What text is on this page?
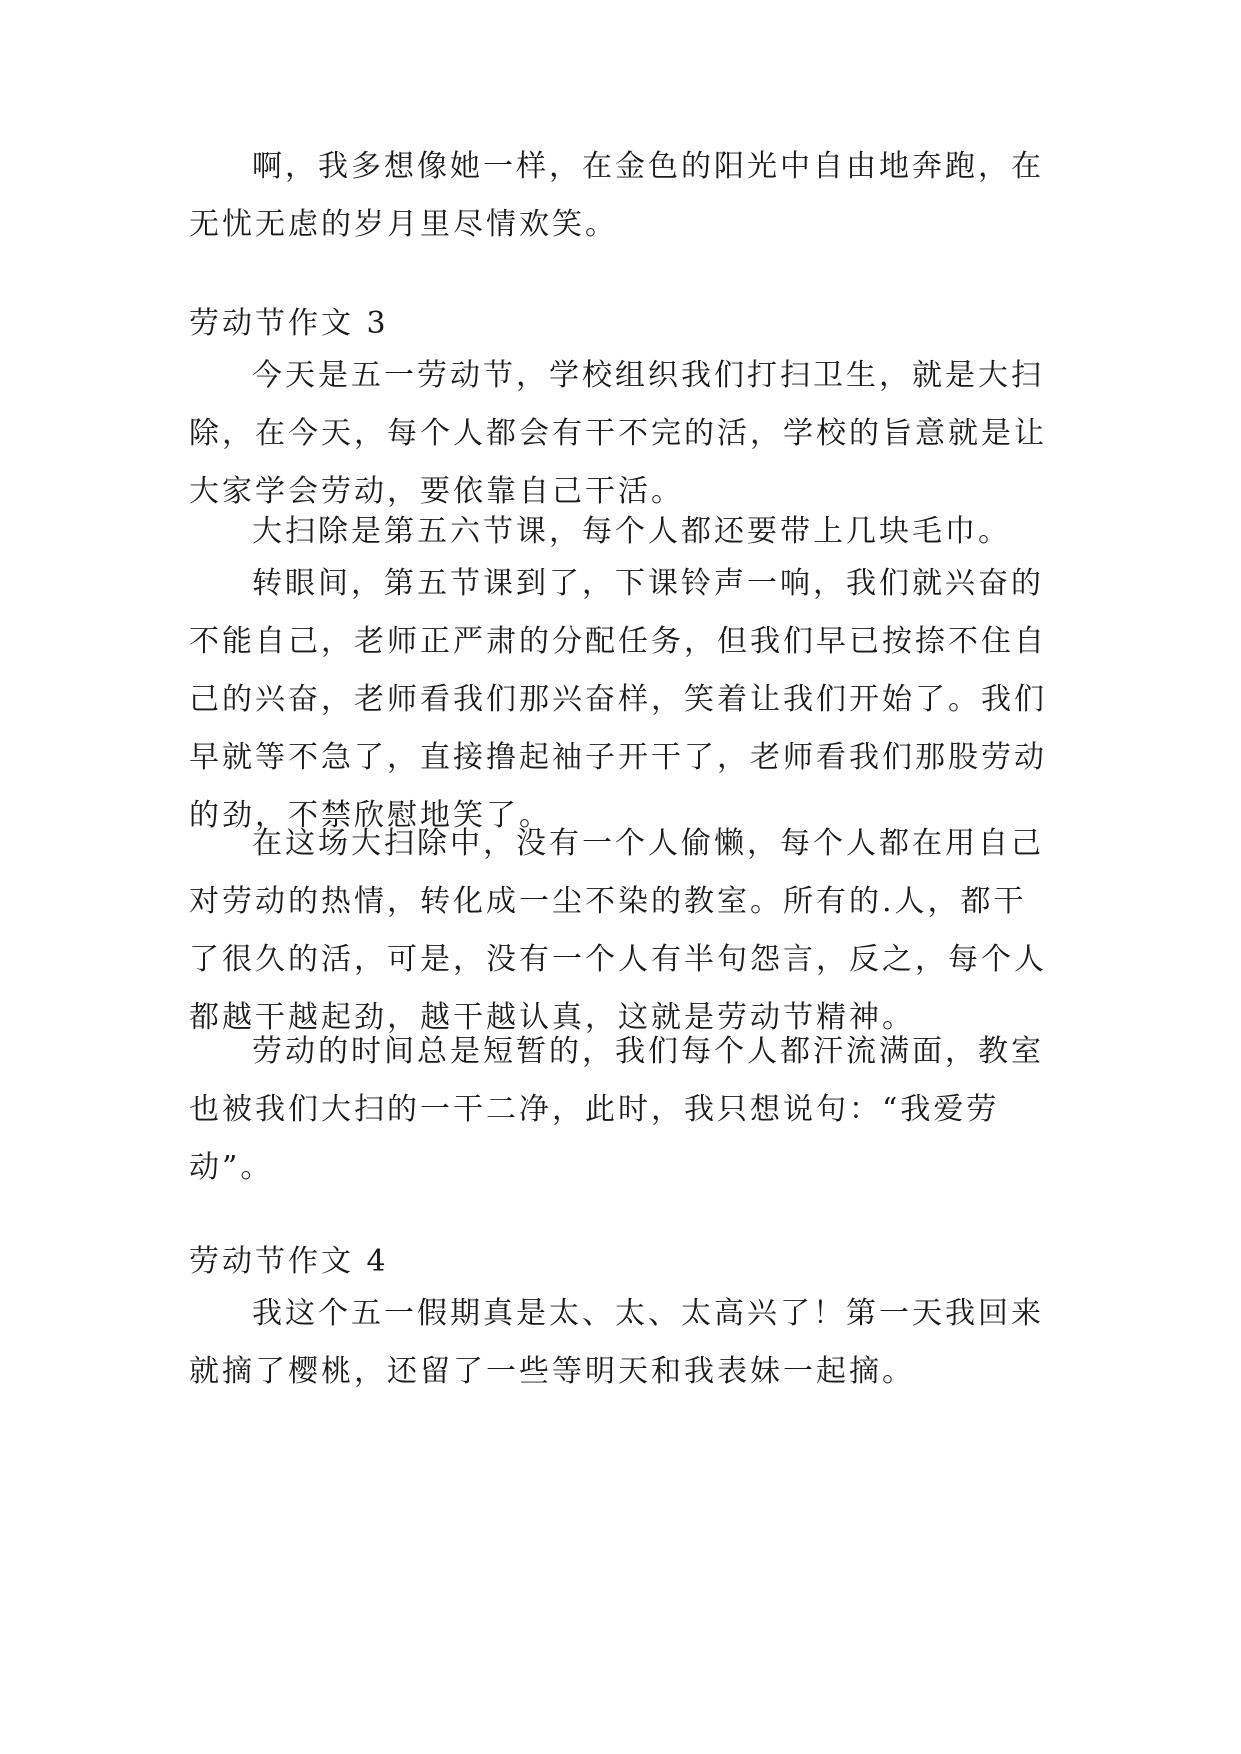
啊，我多想像她一样，在金色的阳光中自由地奔跑，在
无忧无虑的岁月里尽情欢笑。
劳动节作文 3
今天是五一劳动节，学校组织我们打扫卫生，就是大扫
除，在今天，每个人都会有干不完的活，学校的旨意就是让
大家学会劳动，要依靠自己干活。
大扫除是第五六节课，每个人都还要带上几块毛巾。
转眼间，第五节课到了，下课铃声一响，我们就兴奋的
不能自己，老师正严肃的分配任务，但我们早已按捺不住自
己的兴奋，老师看我们那兴奋样，笑着让我们开始了。我们
早就等不急了，直接撸起袖子开干了，老师看我们那股劳动
的劲，不禁欣慰地笑了。
在这场大扫除中，没有一个人偷懒，每个人都在用自己
对劳动的热情，转化成一尘不染的教室。所有的.人，都干
了很久的活，可是，没有一个人有半句怨言，反之，每个人
都越干越起劲，越干越认真，这就是劳动节精神。
劳动的时间总是短暂的，我们每个人都汗流满面，教室
也被我们大扫的一干二净，此时，我只想说句：“我爱劳
动”。
劳动节作文 4
我这个五一假期真是太、太、太高兴了！第一天我回来
就摘了樱桃，还留了一些等明天和我表妹一起摘。
